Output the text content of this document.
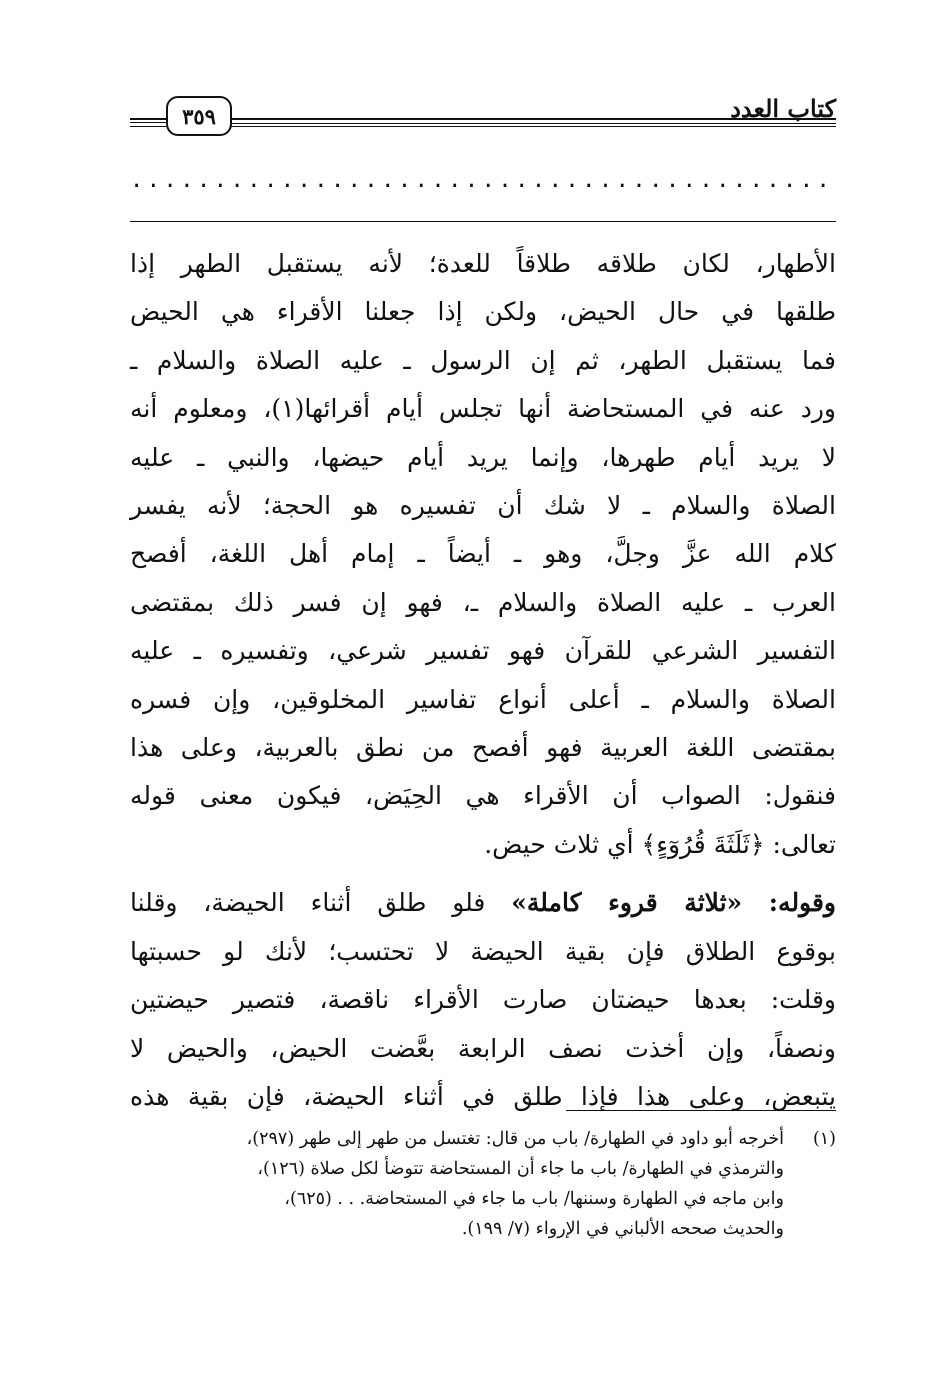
٣٥٩	كتاب العدد
..........................................

الأطهار، لكان طلاقه طلاقاً للعدة؛ لأنه يستقبل الطهر إذا
طلقها في حال الحيض، ولكن إذا جعلنا الأقراء هي الحيض
فما يستقبل الطهر، ثم إن الرسول ـ عليه الصلاة والسلام ـ
ورد عنه في المستحاضة أنها تجلس أيام أقرائها(١)، ومعلوم أنه
لا يريد أيام طهرها، وإنما يريد أيام حيضها، والنبي ـ عليه
الصلاة والسلام ـ لا شك أن تفسيره هو الحجة؛ لأنه يفسر
كلام الله عزَّ وجلَّ، وهو ـ أيضاً ـ إمام أهل اللغة، أفصح
العرب ـ عليه الصلاة والسلام ـ، فهو إن فسر ذلك بمقتضى
التفسير الشرعي للقرآن فهو تفسير شرعي، وتفسيره ـ عليه
الصلاة والسلام ـ أعلى أنواع تفاسير المخلوقين، وإن فسره
بمقتضى اللغة العربية فهو أفصح من نطق بالعربية، وعلى هذا
فنقول: الصواب أن الأقراء هي الحِيَض، فيكون معنى قوله
تعالى: ﴿ثَلَثَةَ قُرُوٓءٍ﴾ أي ثلاث حيض.

وقوله: «ثلاثة قروء كاملة» فلو طلق أثناء الحيضة، وقلنا
بوقوع الطلاق فإن بقية الحيضة لا تحتسب؛ لأنك لو حسبتها
وقلت: بعدها حيضتان صارت الأقراء ناقصة، فتصير حيضتين
ونصفاً، وإن أخذت نصف الرابعة بعَّضت الحيض، والحيض لا
يتبعض، وعلى هذا فإذا طلق في أثناء الحيضة، فإن بقية هذه

(١)
أخرجه أبو داود في الطهارة/ باب من قال: تغتسل من طهر إلى طهر (٢٩٧)،
والترمذي في الطهارة/ باب ما جاء أن المستحاضة تتوضأ لكل صلاة (١٢٦)،
وابن ماجه في الطهارة وسننها/ باب ما جاء في المستحاضة. . . (٦٢٥)،
والحديث صححه الألباني في الإرواء (٧/ ١٩٩).
